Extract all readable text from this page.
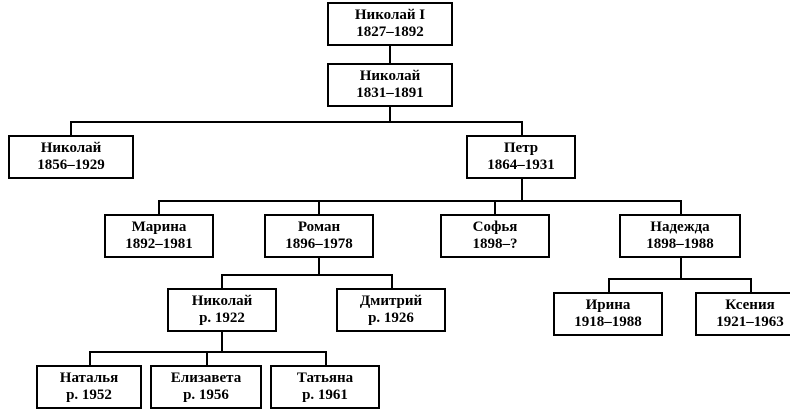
Николай I
1827–1892
Николай
1831–1891
Николай
1856–1929
Петр
1864–1931
Марина
1892–1981
Роман
1896–1978
Софья
1898–?
Надежда
1898–1988
Николай
р. 1922
Дмитрий
р. 1926
Ирина
1918–1988
Ксения
1921–1963
Наталья
р. 1952
Елизавета
р. 1956
Татьяна
р. 1961
